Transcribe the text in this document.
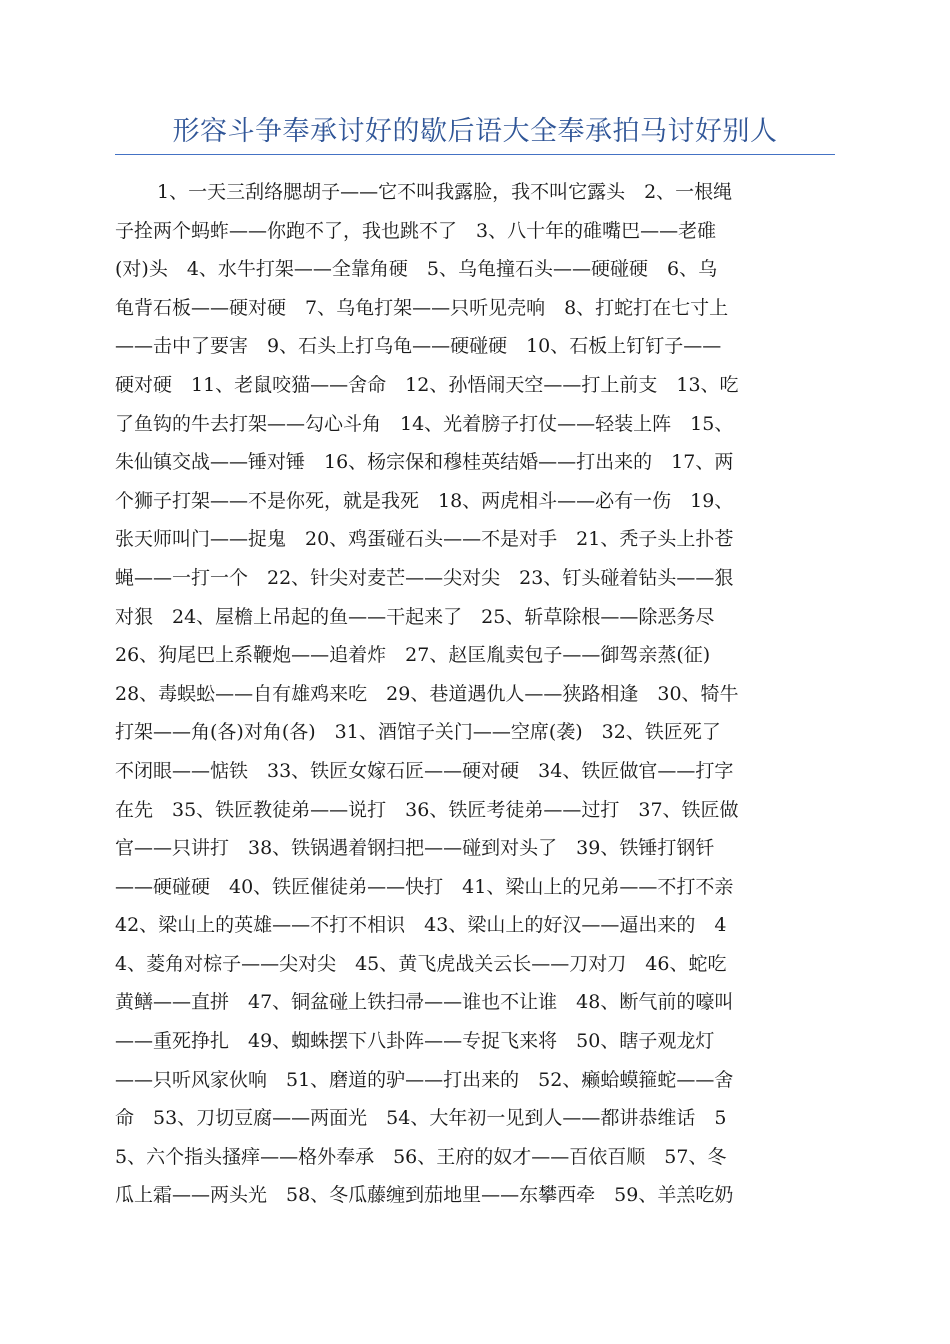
形容斗争奉承讨好的歇后语大全奉承拍马讨好别人
1、一天三刮络腮胡子——它不叫我露脸，我不叫它露头　2、一根绳
子拴两个蚂蚱——你跑不了，我也跳不了　3、八十年的碓嘴巴——老碓
(对)头　4、水牛打架——全靠角硬　5、乌龟撞石头——硬碰硬　6、乌
龟背石板——硬对硬　7、乌龟打架——只听见壳响　8、打蛇打在七寸上
——击中了要害　9、石头上打乌龟——硬碰硬　10、石板上钉钉子——
硬对硬　11、老鼠咬猫——舍命　12、孙悟闹天空——打上前支　13、吃
了鱼钩的牛去打架——勾心斗角　14、光着膀子打仗——轻装上阵　15、
朱仙镇交战——锤对锤　16、杨宗保和穆桂英结婚——打出来的　17、两
个狮子打架——不是你死，就是我死　18、两虎相斗——必有一伤　19、
张天师叫门——捉鬼　20、鸡蛋碰石头——不是对手　21、秃子头上扑苍
蝇——一打一个　22、针尖对麦芒——尖对尖　23、钉头碰着钻头——狠
对狠　24、屋檐上吊起的鱼——干起来了　25、斩草除根——除恶务尽
26、狗尾巴上系鞭炮——追着炸　27、赵匡胤卖包子——御驾亲蒸(征)
28、毒蜈蚣——自有雄鸡来吃　29、巷道遇仇人——狭路相逢　30、犄牛
打架——角(各)对角(各)　31、酒馆子关门——空席(袭)　32、铁匠死了
不闭眼——惦铁　33、铁匠女嫁石匠——硬对硬　34、铁匠做官——打字
在先　35、铁匠教徒弟——说打　36、铁匠考徒弟——过打　37、铁匠做
官——只讲打　38、铁锅遇着钢扫把——碰到对头了　39、铁锤打钢钎
——硬碰硬　40、铁匠催徒弟——快打　41、梁山上的兄弟——不打不亲
42、梁山上的英雄——不打不相识　43、梁山上的好汉——逼出来的　4
4、菱角对棕子——尖对尖　45、黄飞虎战关云长——刀对刀　46、蛇吃
黄鳝——直拼　47、铜盆碰上铁扫帚——谁也不让谁　48、断气前的嚎叫
——重死挣扎　49、蜘蛛摆下八卦阵——专捉飞来将　50、瞎子观龙灯
——只听风家伙响　51、磨道的驴——打出来的　52、癞蛤蟆箍蛇——舍
命　53、刀切豆腐——两面光　54、大年初一见到人——都讲恭维话　5
5、六个指头搔痒——格外奉承　56、王府的奴才——百依百顺　57、冬
瓜上霜——两头光　58、冬瓜藤缠到茄地里——东攀西牵　59、羊羔吃奶
